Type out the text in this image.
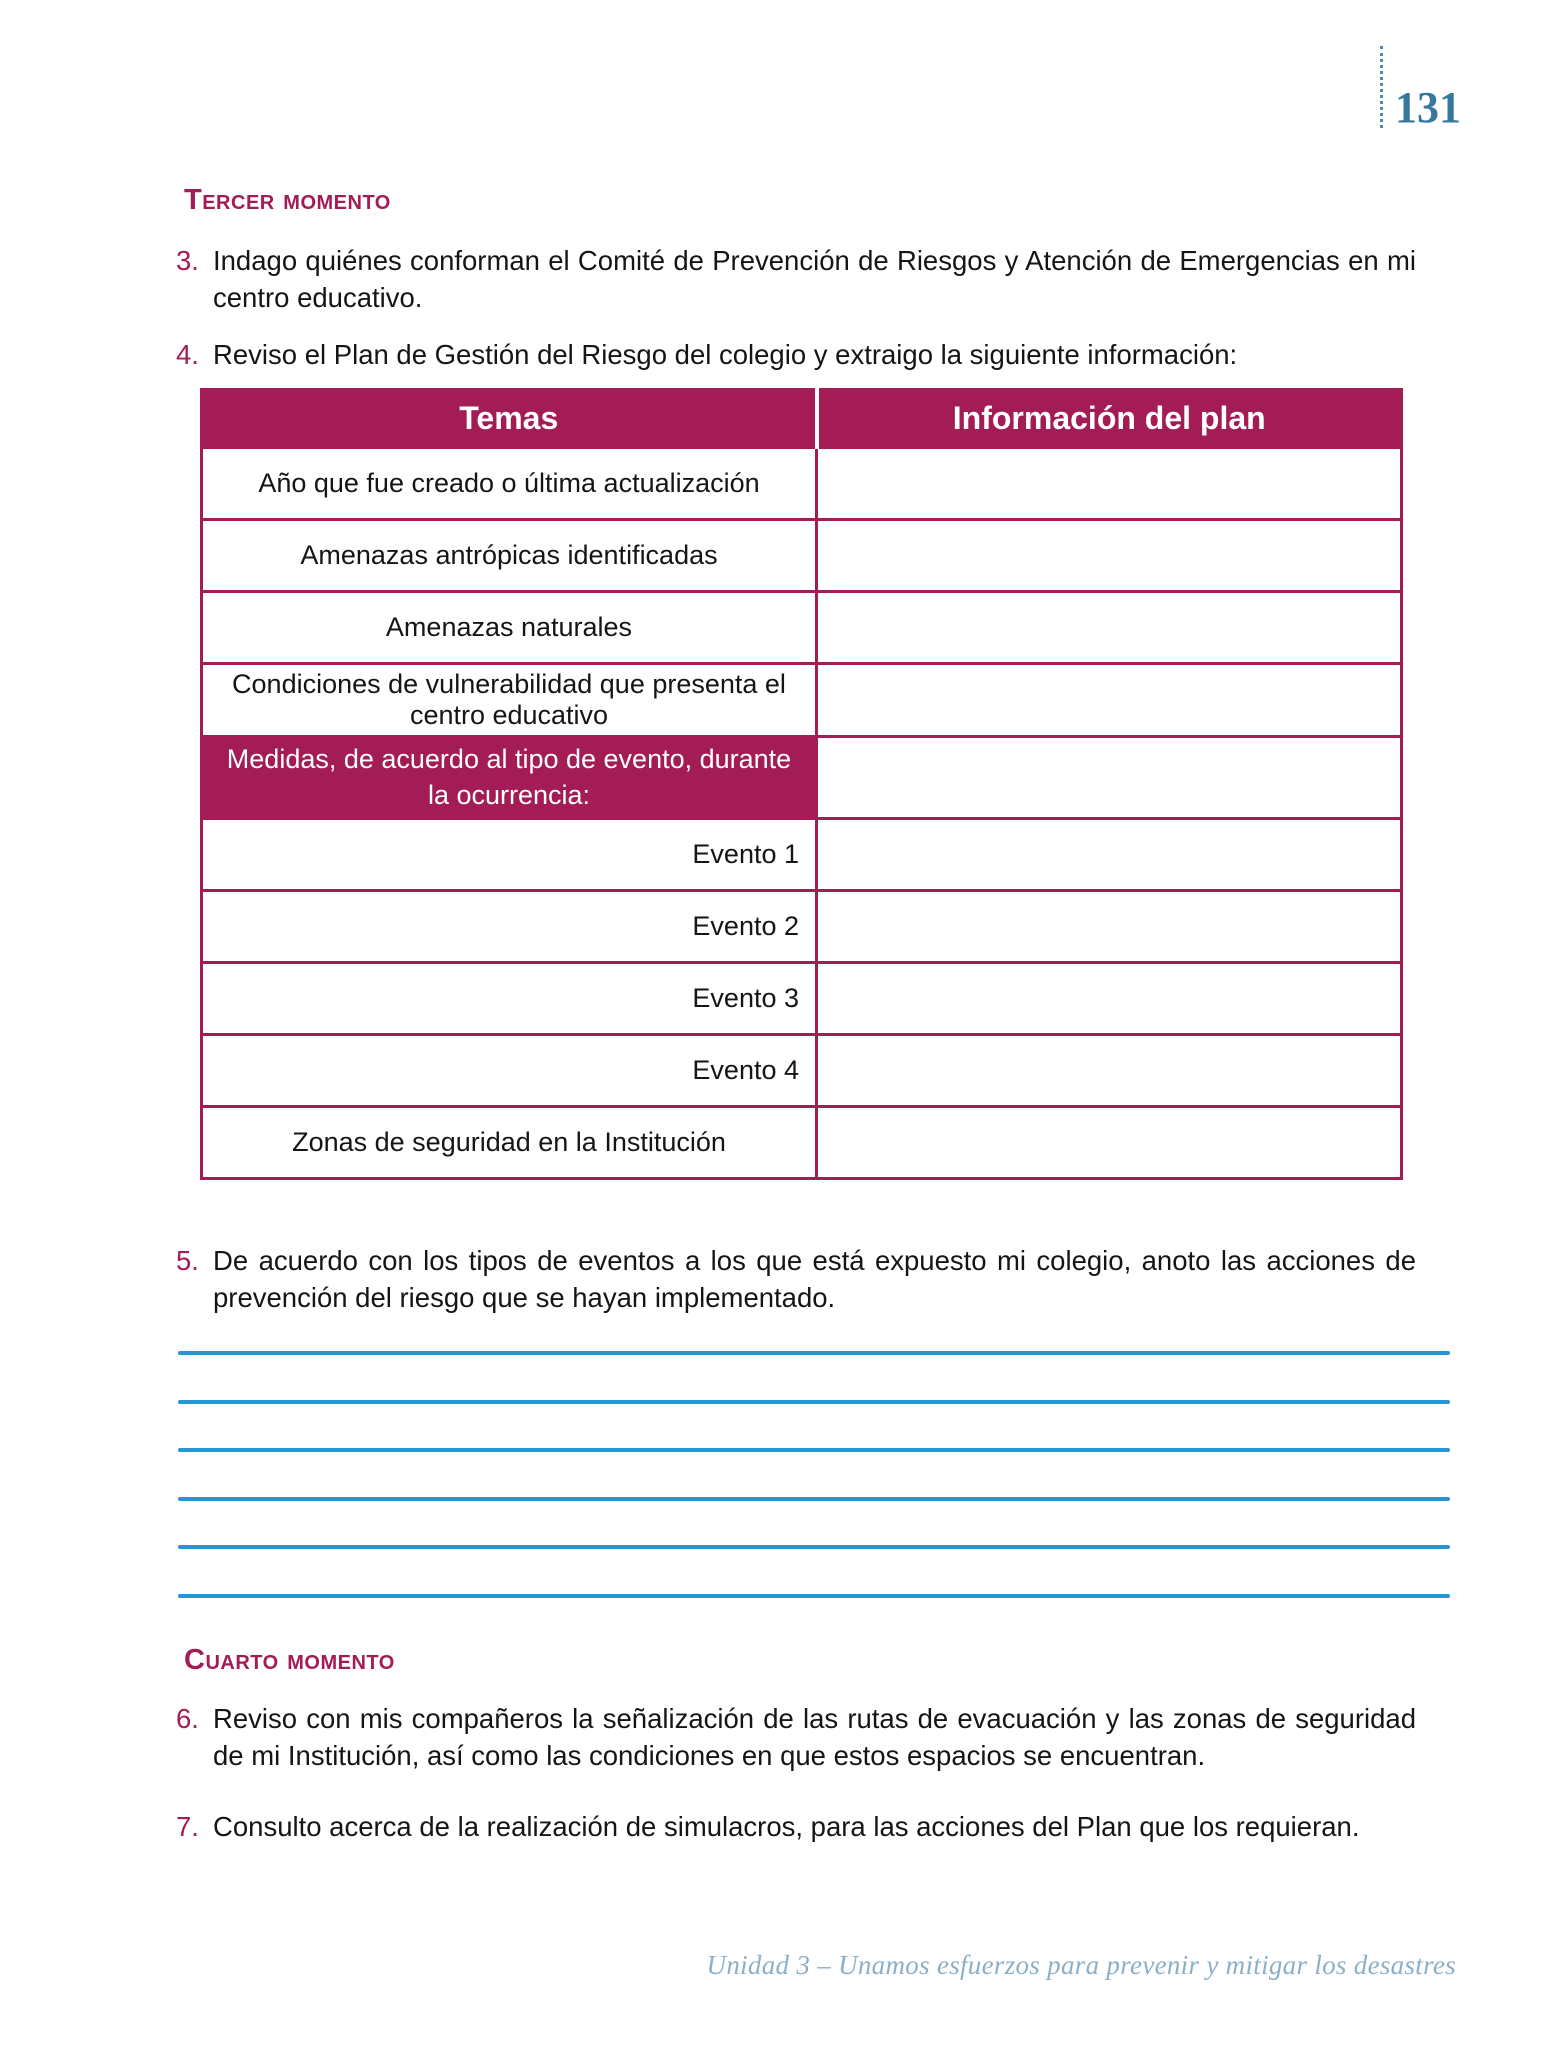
131
Tercer momento
3. Indago quiénes conforman el Comité de Prevención de Riesgos y Atención de Emergencias en mi centro educativo.
4. Reviso el Plan de Gestión del Riesgo del colegio y extraigo la siguiente información:
Temas	Información del plan
Año que fue creado o última actualización	
Amenazas antrópicas identificadas	
Amenazas naturales	
Condiciones de vulnerabilidad que presenta el centro educativo	
Medidas, de acuerdo al tipo de evento, durante la ocurrencia:	
Evento 1	
Evento 2	
Evento 3	
Evento 4	
Zonas de seguridad en la Institución	
5. De acuerdo con los tipos de eventos a los que está expuesto mi colegio, anoto las acciones de prevención del riesgo que se hayan implementado.
Cuarto momento
6. Reviso con mis compañeros la señalización de las rutas de evacuación y las zonas de seguridad de mi Institución, así como las condiciones en que estos espacios se encuentran.
7. Consulto acerca de la realización de simulacros, para las acciones del Plan que los requieran.
Unidad 3 – Unamos esfuerzos para prevenir y mitigar los desastres
